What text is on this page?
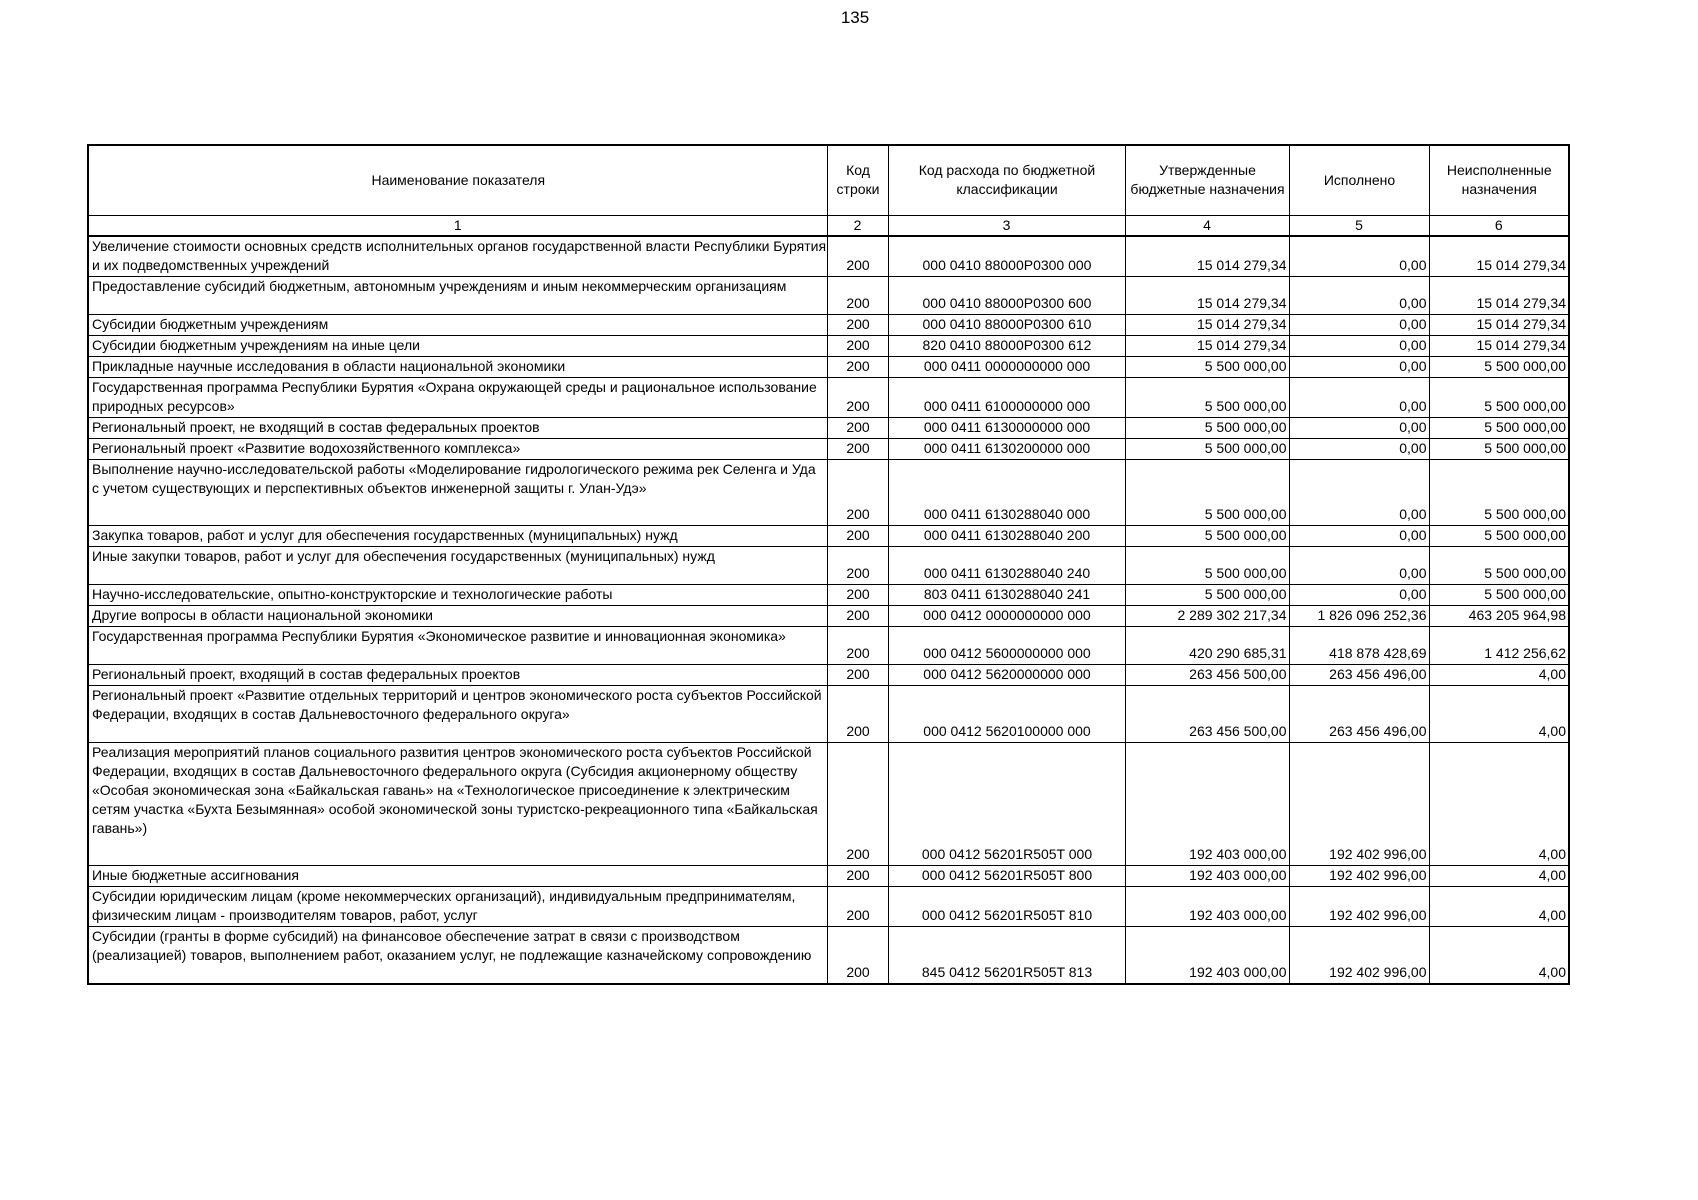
135
Наименование показателя	Код строки	Код расхода по бюджетной классификации	Утвержденные бюджетные назначения	Исполнено	Неисполненные назначения
1	2	3	4	5	6
Увеличение стоимости основных средств исполнительных органов государственной власти Республики Бурятия и их подведомственных учреждений	200	000 0410 88000P0300 000	15 014 279,34	0,00	15 014 279,34
Предоставление субсидий бюджетным, автономным учреждениям и иным некоммерческим организациям	200	000 0410 88000P0300 600	15 014 279,34	0,00	15 014 279,34
Субсидии бюджетным учреждениям	200	000 0410 88000P0300 610	15 014 279,34	0,00	15 014 279,34
Субсидии бюджетным учреждениям на иные цели	200	820 0410 88000P0300 612	15 014 279,34	0,00	15 014 279,34
Прикладные научные исследования в области национальной экономики	200	000 0411 0000000000 000	5 500 000,00	0,00	5 500 000,00
Государственная программа Республики Бурятия «Охрана окружающей среды и рациональное использование природных ресурсов»	200	000 0411 6100000000 000	5 500 000,00	0,00	5 500 000,00
Региональный проект, не входящий в состав федеральных проектов	200	000 0411 6130000000 000	5 500 000,00	0,00	5 500 000,00
Региональный проект «Развитие водохозяйственного комплекса»	200	000 0411 6130200000 000	5 500 000,00	0,00	5 500 000,00
Выполнение научно-исследовательской работы «Моделирование гидрологического режима рек Селенга и Уда с учетом существующих и перспективных объектов инженерной защиты г. Улан-Удэ»	200	000 0411 6130288040 000	5 500 000,00	0,00	5 500 000,00
Закупка товаров, работ и услуг для обеспечения государственных (муниципальных) нужд	200	000 0411 6130288040 200	5 500 000,00	0,00	5 500 000,00
Иные закупки товаров, работ и услуг для обеспечения государственных (муниципальных) нужд	200	000 0411 6130288040 240	5 500 000,00	0,00	5 500 000,00
Научно-исследовательские, опытно-конструкторские и технологические работы	200	803 0411 6130288040 241	5 500 000,00	0,00	5 500 000,00
Другие вопросы в области национальной экономики	200	000 0412 0000000000 000	2 289 302 217,34	1 826 096 252,36	463 205 964,98
Государственная программа Республики Бурятия «Экономическое развитие и инновационная экономика»	200	000 0412 5600000000 000	420 290 685,31	418 878 428,69	1 412 256,62
Региональный проект, входящий в состав федеральных проектов	200	000 0412 5620000000 000	263 456 500,00	263 456 496,00	4,00
Региональный проект «Развитие отдельных территорий и центров экономического роста субъектов Российской Федерации, входящих в состав Дальневосточного федерального округа»	200	000 0412 5620100000 000	263 456 500,00	263 456 496,00	4,00
Реализация мероприятий планов социального развития центров экономического роста субъектов Российской Федерации, входящих в состав Дальневосточного федерального округа (Субсидия акционерному обществу «Особая экономическая зона «Байкальская гавань» на «Технологическое присоединение к электрическим сетям участка «Бухта Безымянная» особой экономической зоны туристско-рекреационного типа «Байкальская гавань»)	200	000 0412 56201R505T 000	192 403 000,00	192 402 996,00	4,00
Иные бюджетные ассигнования	200	000 0412 56201R505T 800	192 403 000,00	192 402 996,00	4,00
Субсидии юридическим лицам (кроме некоммерческих организаций), индивидуальным предпринимателям, физическим лицам - производителям товаров, работ, услуг	200	000 0412 56201R505T 810	192 403 000,00	192 402 996,00	4,00
Субсидии (гранты в форме субсидий) на финансовое обеспечение затрат в связи с производством (реализацией) товаров, выполнением работ, оказанием услуг, не подлежащие казначейскому сопровождению	200	845 0412 56201R505T 813	192 403 000,00	192 402 996,00	4,00
